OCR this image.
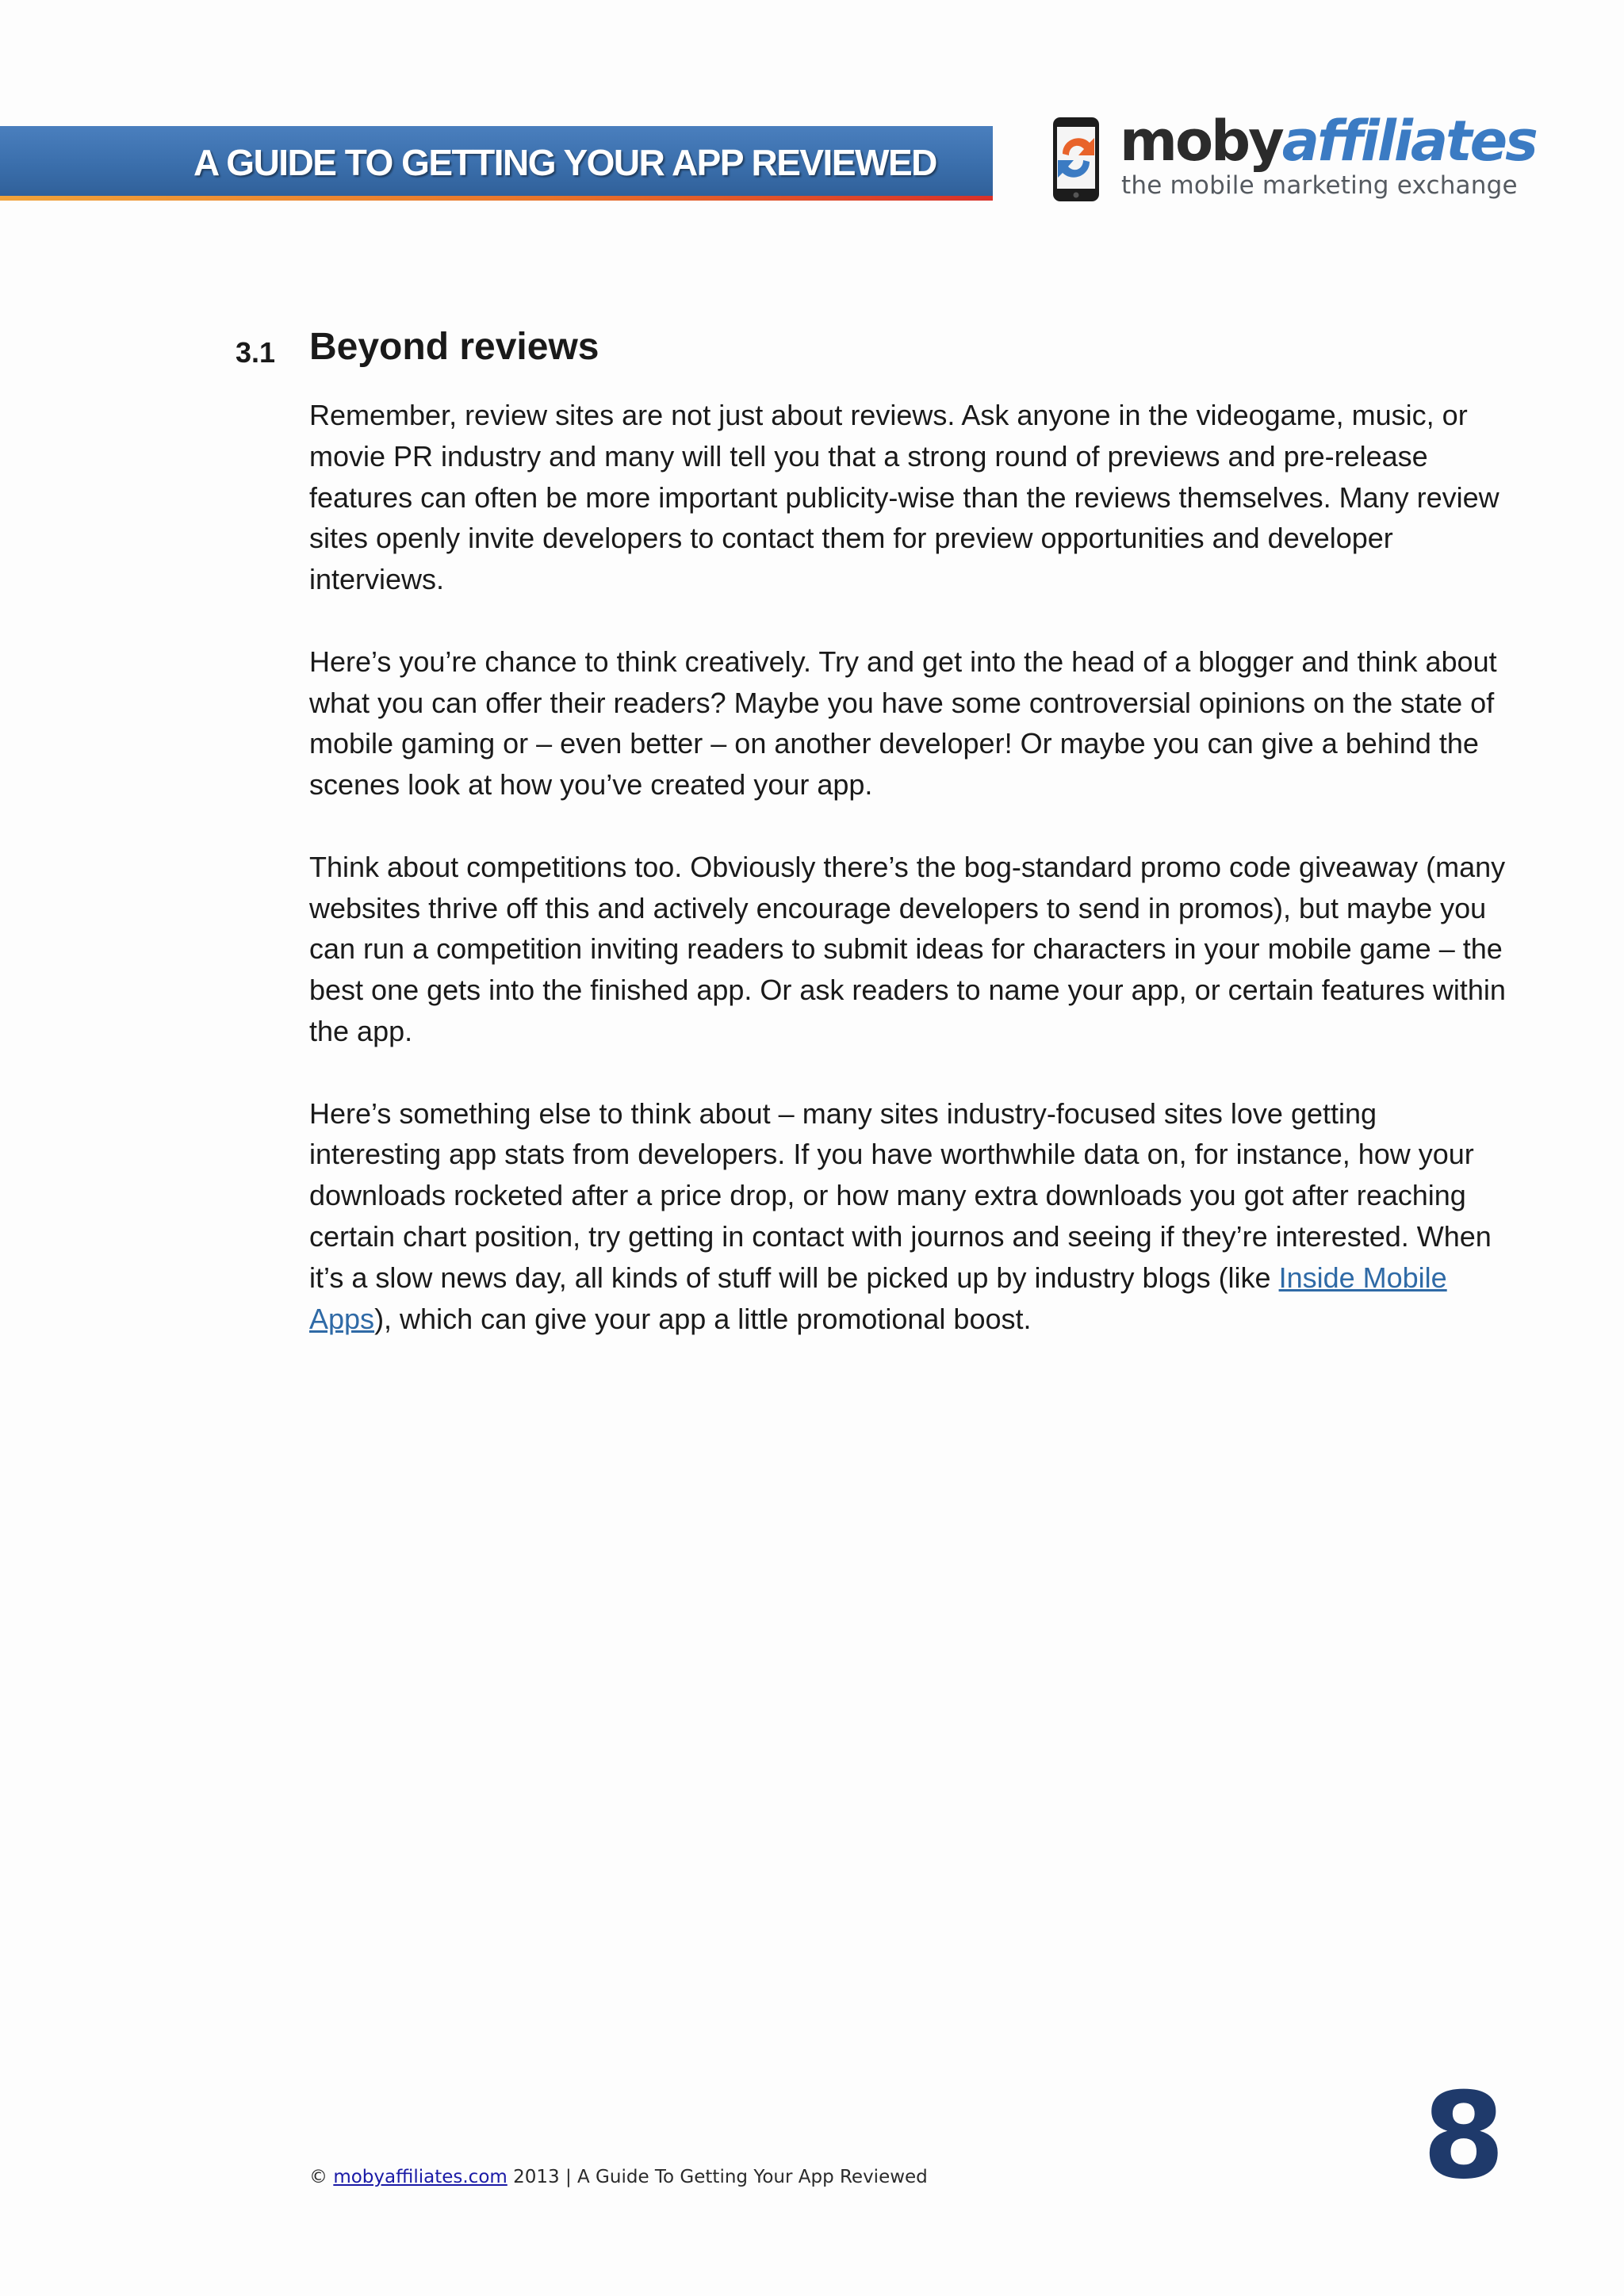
A GUIDE TO GETTING YOUR APP REVIEWED	mobyaffiliates
the mobile marketing exchange
3.1 Beyond reviews

Remember, review sites are not just about reviews. Ask anyone in the videogame, music, or movie PR industry and many will tell you that a strong round of previews and pre-release features can often be more important publicity-wise than the reviews themselves. Many review sites openly invite developers to contact them for preview opportunities and developer interviews.

Here’s you’re chance to think creatively. Try and get into the head of a blogger and think about what you can offer their readers? Maybe you have some controversial opinions on the state of mobile gaming or – even better – on another developer! Or maybe you can give a behind the scenes look at how you’ve created your app.

Think about competitions too. Obviously there’s the bog-standard promo code giveaway (many websites thrive off this and actively encourage developers to send in promos), but maybe you can run a competition inviting readers to submit ideas for characters in your mobile game – the best one gets into the finished app. Or ask readers to name your app, or certain features within the app.

Here’s something else to think about – many sites industry-focused sites love getting interesting app stats from developers. If you have worthwhile data on, for instance, how your downloads rocketed after a price drop, or how many extra downloads you got after reaching certain chart position, try getting in contact with journos and seeing if they’re interested. When it’s a slow news day, all kinds of stuff will be picked up by industry blogs (like Inside Mobile Apps), which can give your app a little promotional boost.

© mobyaffiliates.com 2013 | A Guide To Getting Your App Reviewed	8
